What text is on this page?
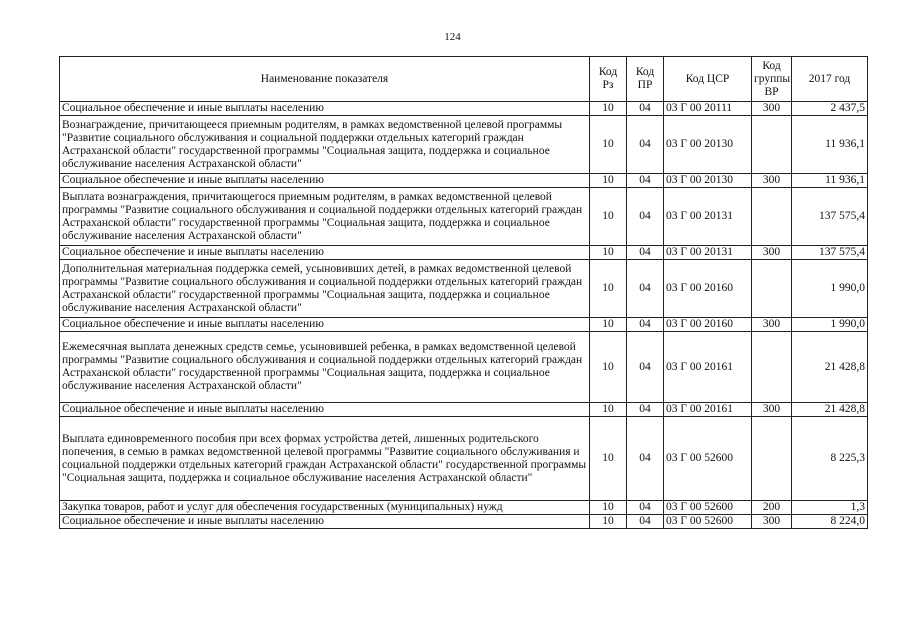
124
Наименование показателя	Код Рз	Код ПР	Код ЦСР	Код группы ВР	2017 год
Социальное обеспечение и иные выплаты населению	10	04	03 Г 00 20111	300	2 437,5
Вознаграждение, причитающееся приемным родителям, в рамках ведомственной целевой программы "Развитие социального обслуживания и социальной поддержки отдельных категорий граждан Астраханской области" государственной программы "Социальная защита, поддержка и социальное обслуживание населения Астраханской области"	10	04	03 Г 00 20130		11 936,1
Социальное обеспечение и иные выплаты населению	10	04	03 Г 00 20130	300	11 936,1
Выплата вознаграждения, причитающегося приемным родителям, в рамках ведомственной целевой программы "Развитие социального обслуживания и социальной поддержки отдельных категорий граждан Астраханской области" государственной программы "Социальная защита, поддержка и социальное обслуживание населения Астраханской области"	10	04	03 Г 00 20131		137 575,4
Социальное обеспечение и иные выплаты населению	10	04	03 Г 00 20131	300	137 575,4
Дополнительная материальная поддержка семей, усыновивших детей, в рамках ведомственной целевой программы "Развитие социального обслуживания и социальной поддержки отдельных категорий граждан Астраханской области" государственной программы "Социальная защита, поддержка и социальное обслуживание населения Астраханской области"	10	04	03 Г 00 20160		1 990,0
Социальное обеспечение и иные выплаты населению	10	04	03 Г 00 20160	300	1 990,0
Ежемесячная выплата денежных средств семье, усыновившей ребенка, в рамках ведомственной целевой программы "Развитие социального обслуживания и социальной поддержки отдельных категорий граждан Астраханской области" государственной программы "Социальная защита, поддержка и социальное обслуживание населения Астраханской области"	10	04	03 Г 00 20161		21 428,8
Социальное обеспечение и иные выплаты населению	10	04	03 Г 00 20161	300	21 428,8
Выплата единовременного пособия при всех формах устройства детей, лишенных родительского попечения, в семью в рамках ведомственной целевой программы "Развитие социального обслуживания и социальной поддержки отдельных категорий граждан Астраханской области" государственной программы "Социальная защита, поддержка и социальное обслуживание населения Астраханской области"	10	04	03 Г 00 52600		8 225,3
Закупка товаров, работ и услуг для обеспечения государственных (муниципальных) нужд	10	04	03 Г 00 52600	200	1,3
Социальное обеспечение и иные выплаты населению	10	04	03 Г 00 52600	300	8 224,0
